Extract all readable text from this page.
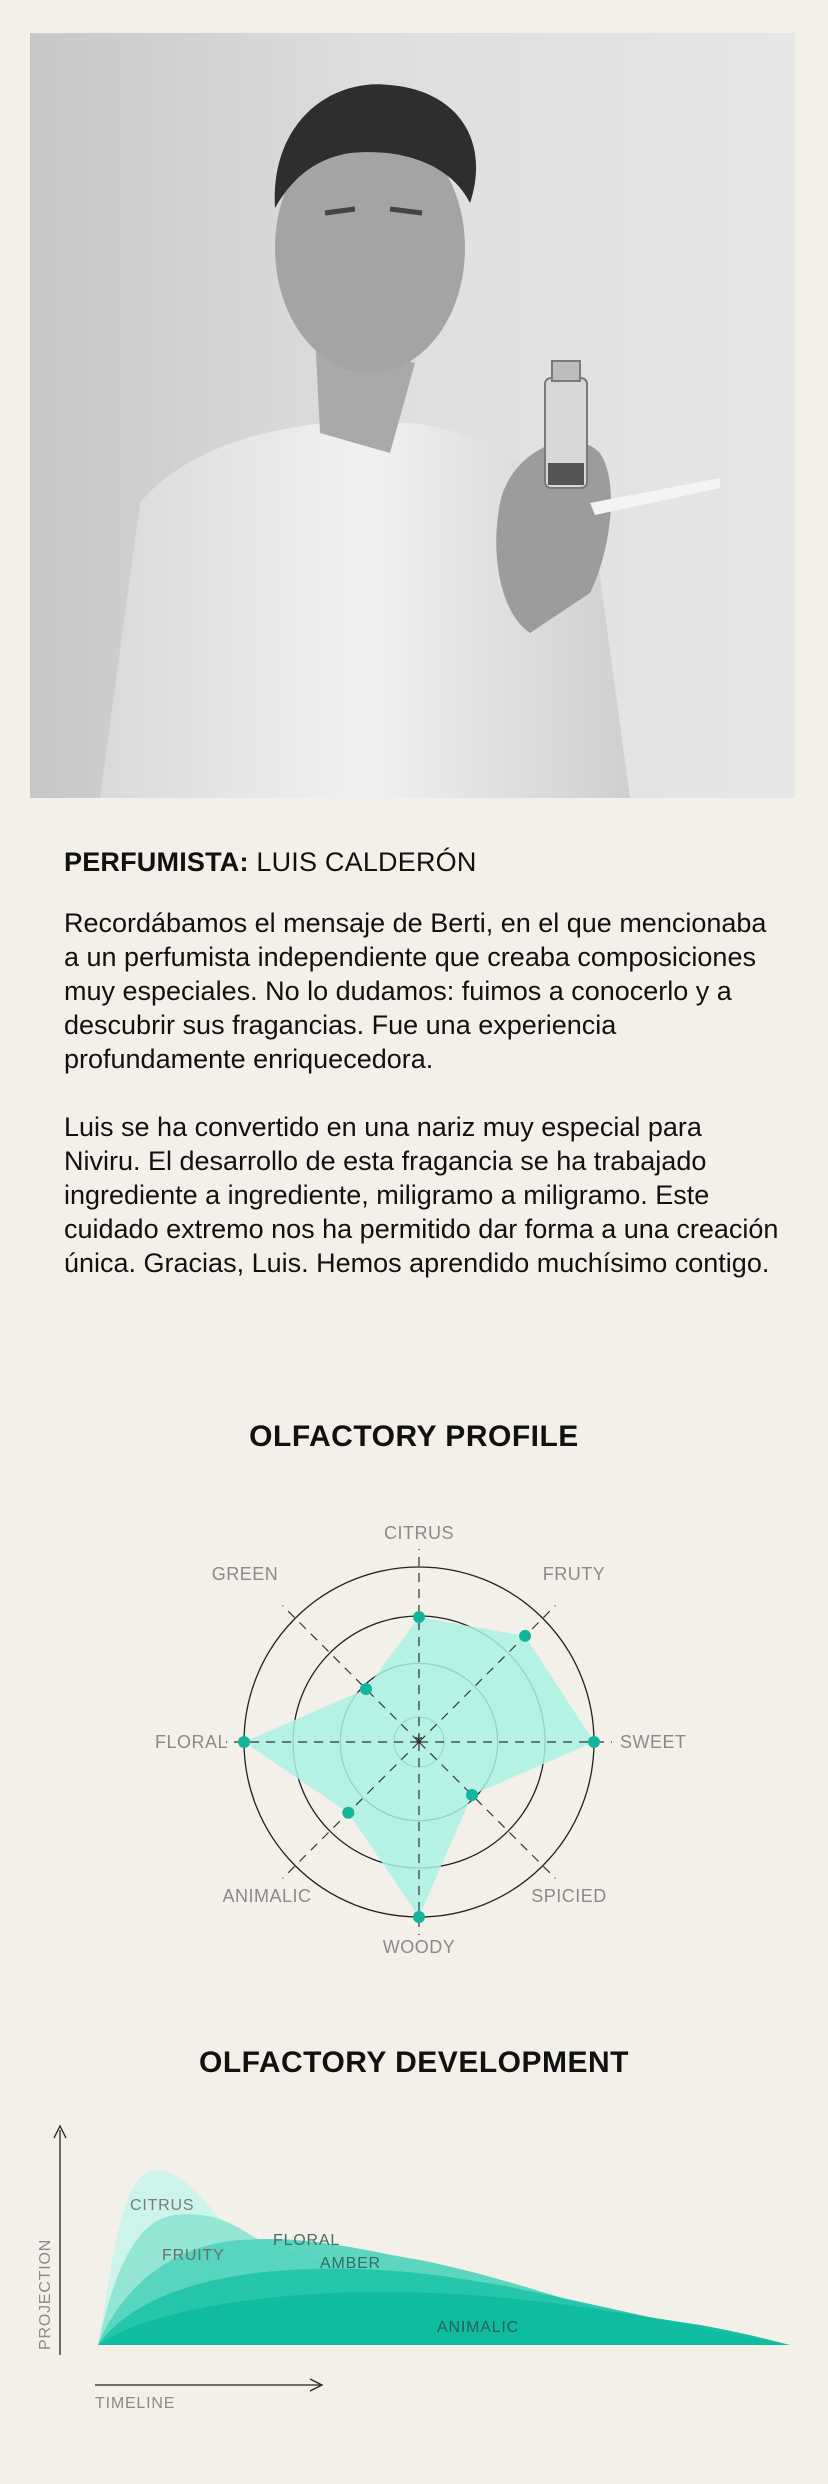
PERFUMISTA: LUIS CALDERÓN

Recordábamos el mensaje de Berti, en el que mencionaba a un perfumista independiente que creaba composiciones muy especiales. No lo dudamos: fuimos a conocerlo y a descubrir sus fragancias. Fue una experiencia profundamente enriquecedora.

Luis se ha convertido en una nariz muy especial para Niviru. El desarrollo de esta fragancia se ha trabajado ingrediente a ingrediente, miligramo a miligramo. Este cuidado extremo nos ha permitido dar forma a una creación única. Gracias, Luis. Hemos aprendido muchísimo contigo.

OLFACTORY PROFILE
*
CITRUS
FRUTY
SWEET
SPICIED
WOODY
ANIMALIC
FLORAL
GREEN
OLFACTORY DEVELOPMENT
PROJECTION
TIMELINE
CITRUS
FRUITY
FLORAL
AMBER
ANIMALIC
